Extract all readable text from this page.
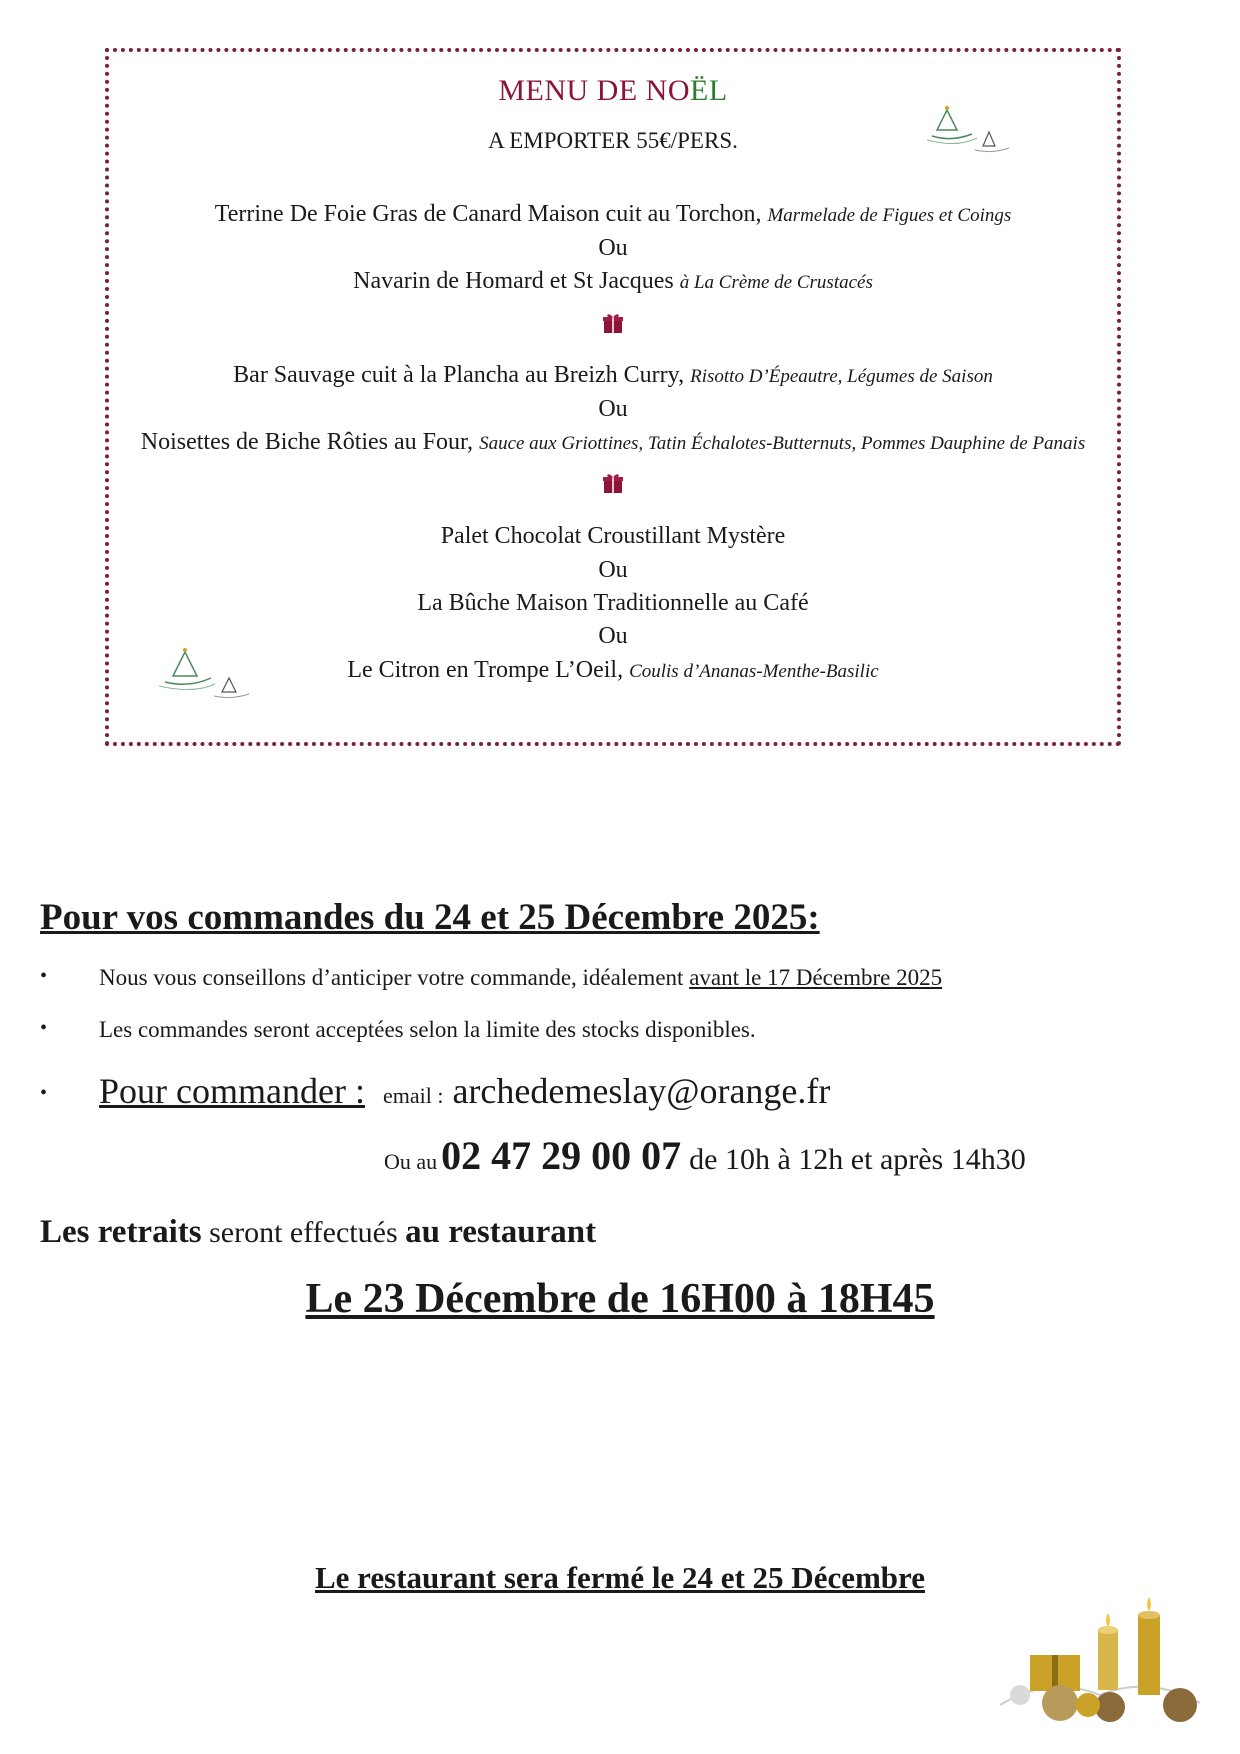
MENU DE NOËL
A EMPORTER 55€/PERS.
Terrine De Foie Gras de Canard Maison cuit au Torchon, Marmelade de Figues et Coings
Ou
Navarin de Homard et St Jacques à La Crème de Crustacés
Bar Sauvage cuit à la Plancha au Breizh Curry, Risotto D’Épeautre, Légumes de Saison
Ou
Noisettes de Biche Rôties au Four, Sauce aux Griottines, Tatin Échalotes-Butternuts, Pommes Dauphine de Panais
Palet Chocolat Croustillant Mystère
Ou
La Bûche Maison Traditionnelle au Café
Ou
Le Citron en Trompe L’Oeil, Coulis d’Ananas-Menthe-Basilic
Pour vos commandes du 24 et 25 Décembre 2025:
• Nous vous conseillons d’anticiper votre commande, idéalement avant le 17 Décembre 2025
• Les commandes seront acceptées selon la limite des stocks disponibles.
• Pour commander : email : archedemeslay@orange.fr
Ou au 02 47 29 00 07 de 10h à 12h et après 14h30
Les retraits seront effectués au restaurant
Le 23 Décembre de 16H00 à 18H45
Le restaurant sera fermé le 24 et 25 Décembre
